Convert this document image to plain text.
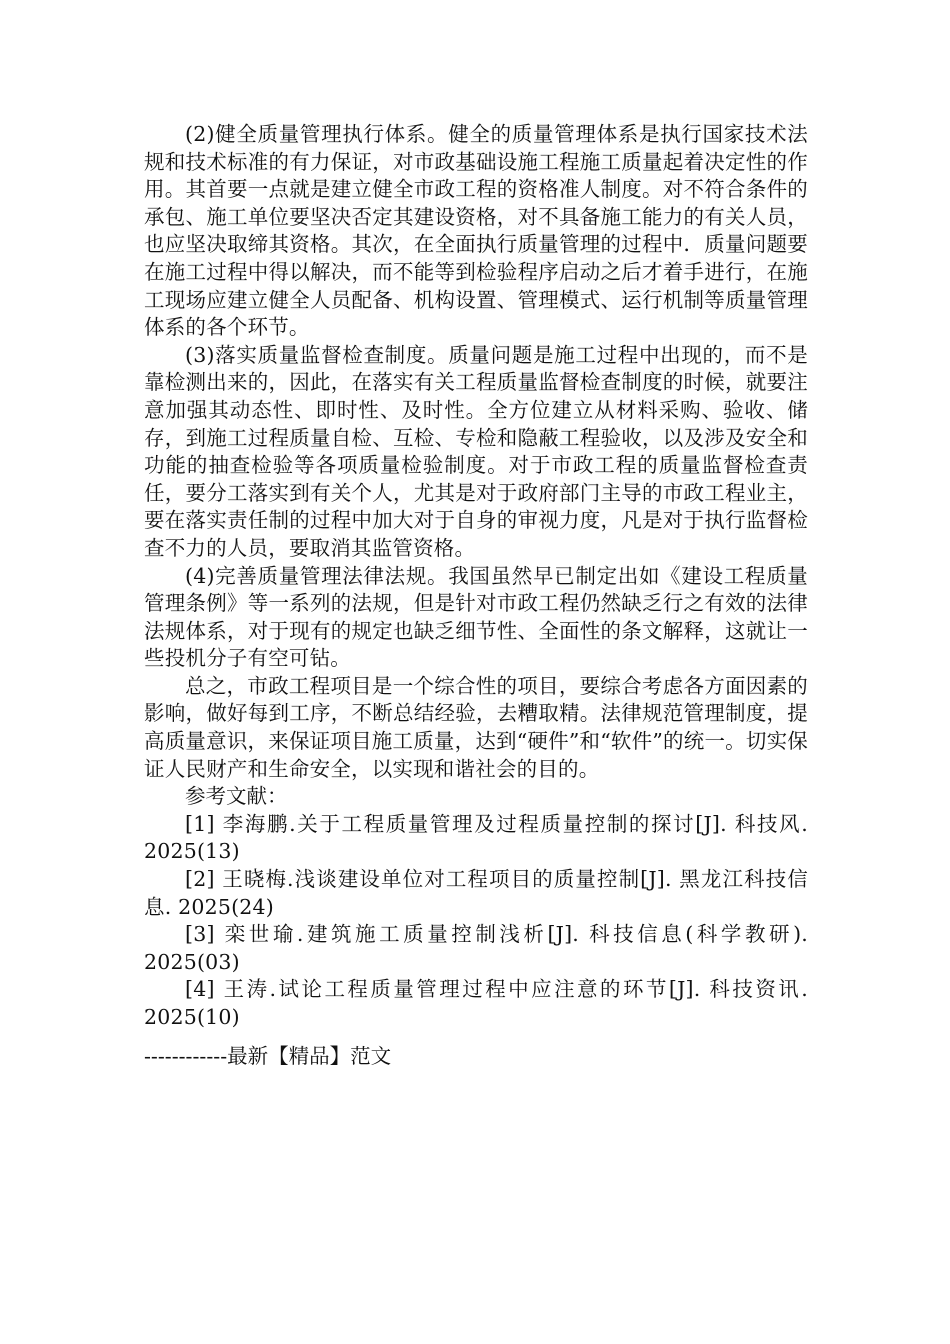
(2)健全质量管理执行体系。健全的质量管理体系是执行国家技术法规和技术标准的有力保证，对市政基础设施工程施工质量起着决定性的作用。其首要一点就是建立健全市政工程的资格准人制度。对不符合条件的承包、施工单位要坚决否定其建设资格，对不具备施工能力的有关人员，也应坚决取缔其资格。其次，在全面执行质量管理的过程中．质量问题要在施工过程中得以解决，而不能等到检验程序启动之后才着手进行，在施工现场应建立健全人员配备、机构设置、管理模式、运行机制等质量管理体系的各个环节。

(3)落实质量监督检查制度。质量问题是施工过程中出现的，而不是靠检测出来的，因此，在落实有关工程质量监督检查制度的时候，就要注意加强其动态性、即时性、及时性。全方位建立从材料采购、验收、储存，到施工过程质量自检、互检、专检和隐蔽工程验收，以及涉及安全和功能的抽查检验等各项质量检验制度。对于市政工程的质量监督检查责任，要分工落实到有关个人，尤其是对于政府部门主导的市政工程业主，要在落实责任制的过程中加大对于自身的审视力度，凡是对于执行监督检查不力的人员，要取消其监管资格。

(4)完善质量管理法律法规。我国虽然早已制定出如《建设工程质量管理条例》等一系列的法规，但是针对市政工程仍然缺乏行之有效的法律法规体系，对于现有的规定也缺乏细节性、全面性的条文解释，这就让一些投机分子有空可钻。

总之，市政工程项目是一个综合性的项目，要综合考虑各方面因素的影响，做好每到工序，不断总结经验，去糟取精。法律规范管理制度，提高质量意识，来保证项目施工质量，达到“硬件”和“软件”的统一。切实保证人民财产和生命安全，以实现和谐社会的目的。

参考文献：

[1] 李海鹏.关于工程质量管理及过程质量控制的探讨[J]. 科技风. 2025(13)

[2] 王晓梅.浅谈建设单位对工程项目的质量控制[J]. 黑龙江科技信息. 2025(24)

[3] 栾世瑜.建筑施工质量控制浅析[J]. 科技信息(科学教研). 2025(03)

[4] 王涛.试论工程质量管理过程中应注意的环节[J]. 科技资讯. 2025(10)

------------最新【精品】范文
